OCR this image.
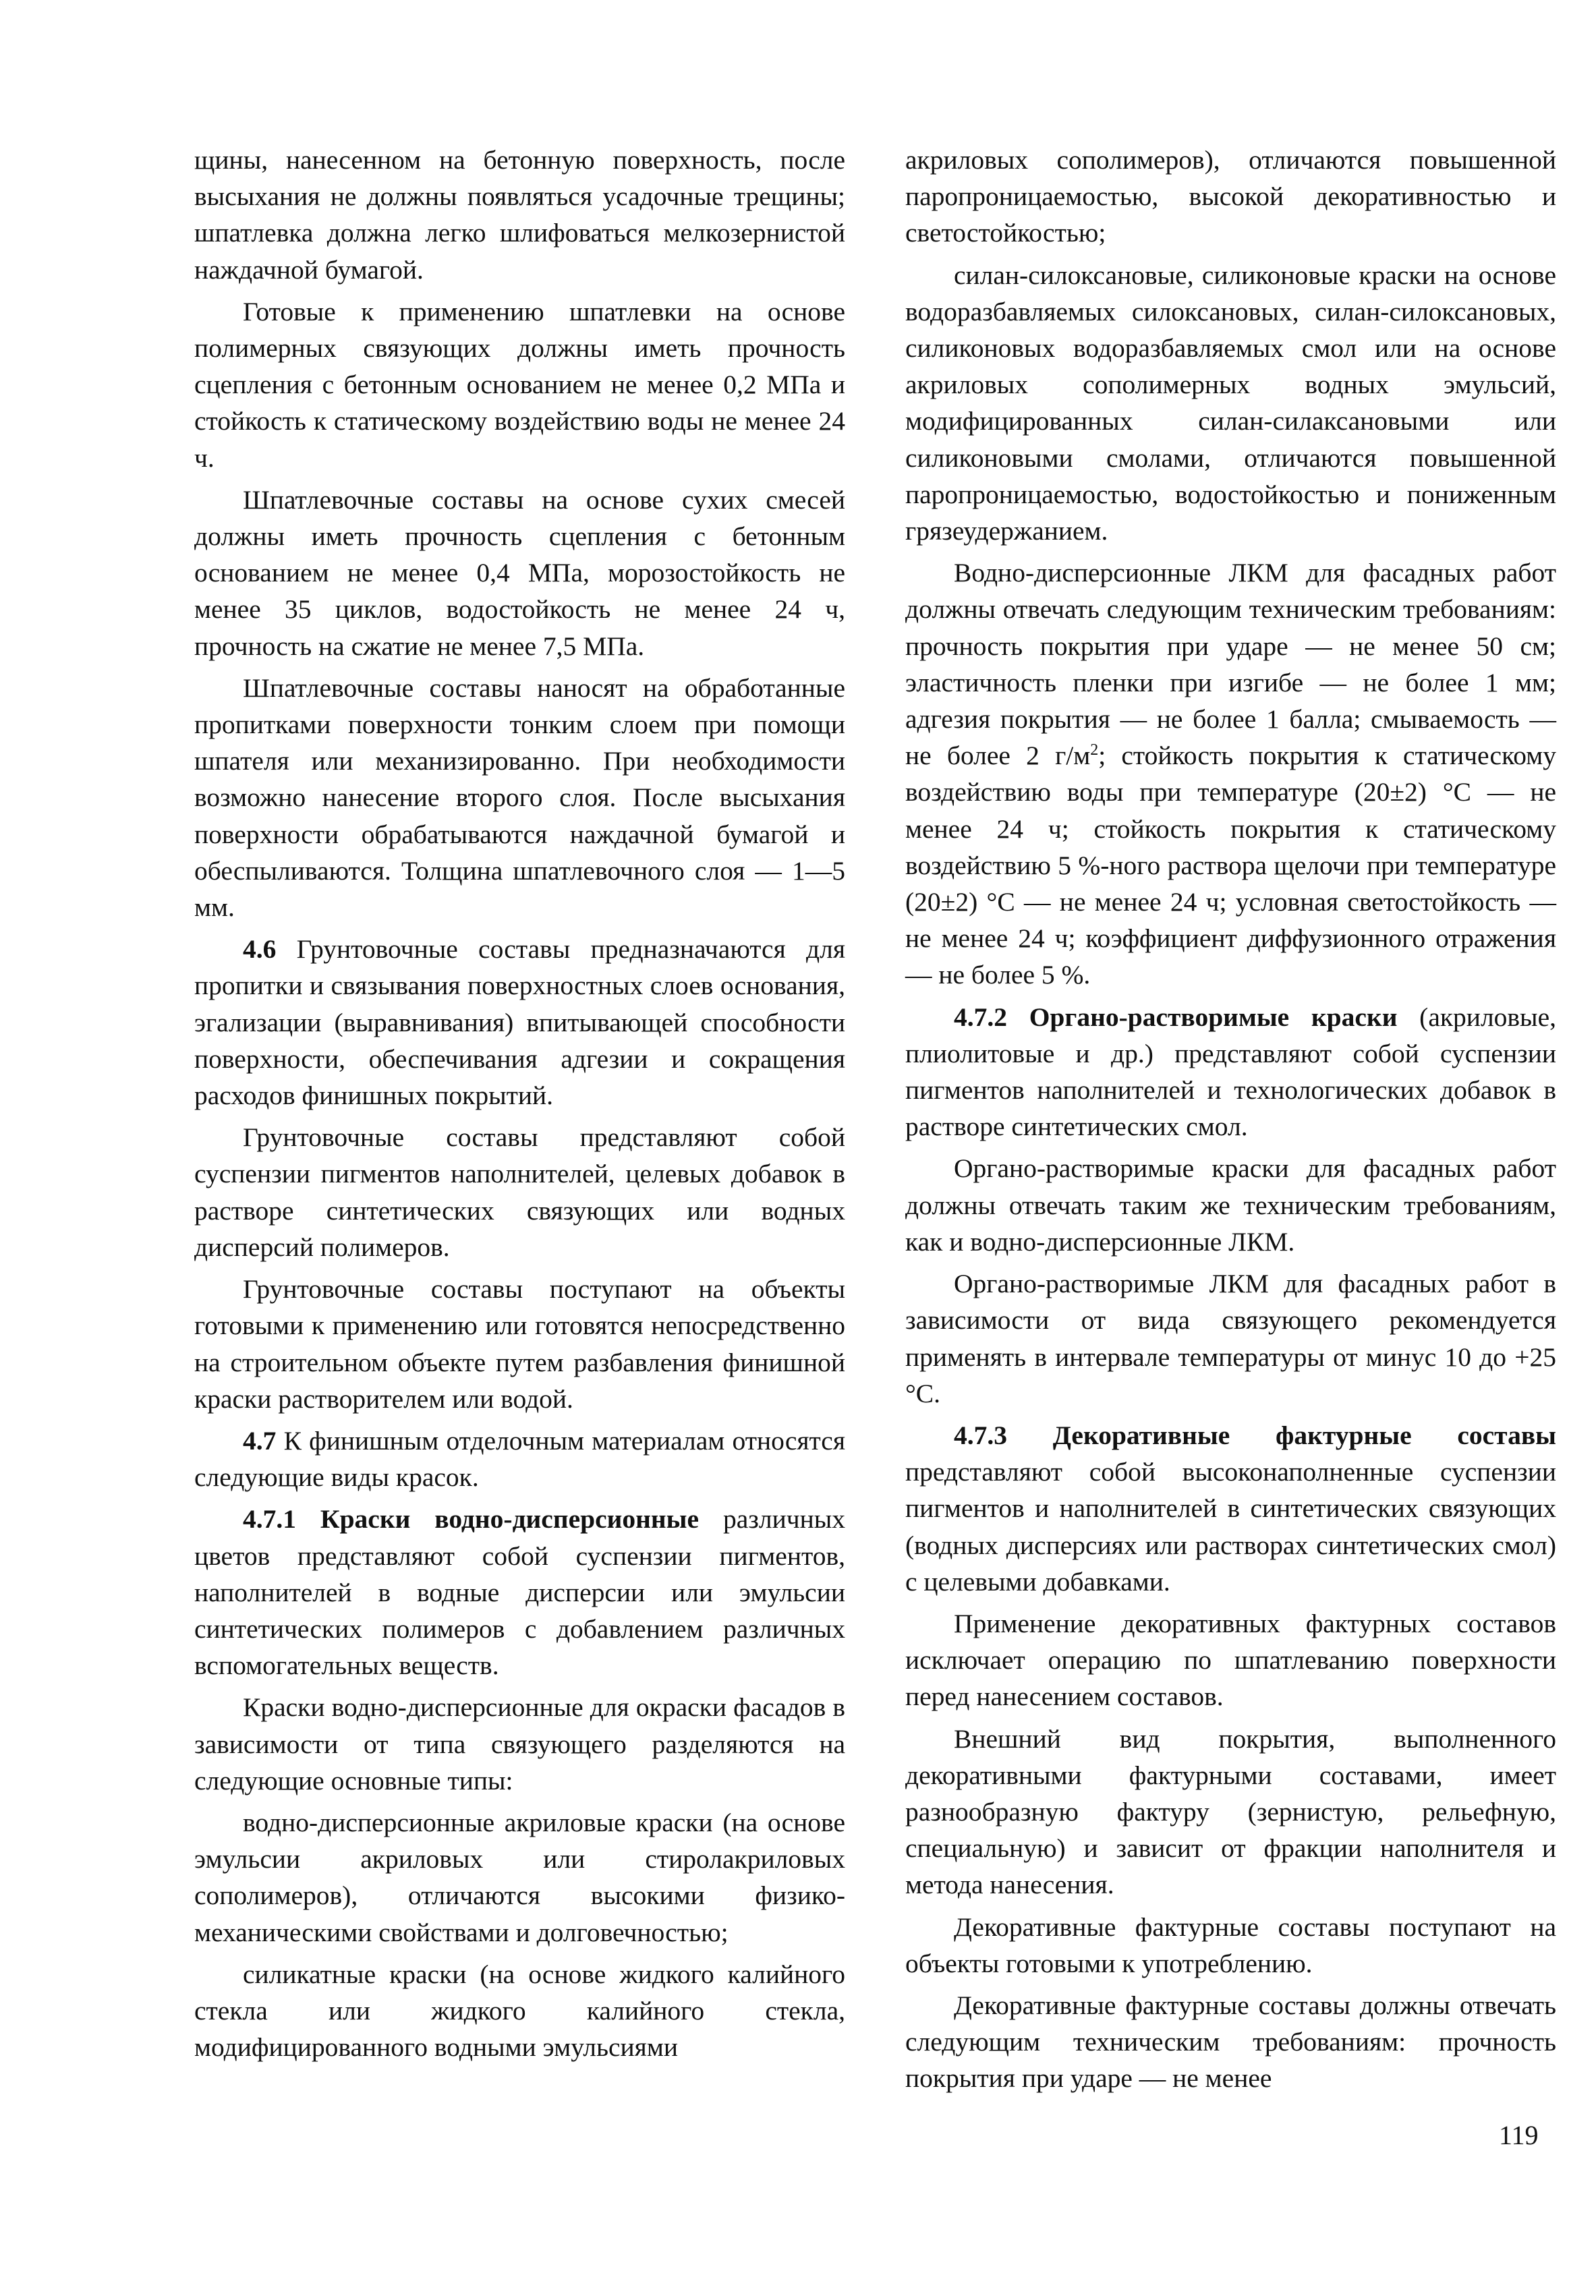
щины, нанесенном на бетонную поверхность, после высыхания не должны появляться усадочные трещины; шпатлевка должна легко шлифоваться мелкозернистой наждачной бумагой.

Готовые к применению шпатлевки на основе полимерных связующих должны иметь прочность сцепления с бетонным основанием не менее 0,2 МПа и стойкость к статическому воздействию воды не менее 24 ч.

Шпатлевочные составы на основе сухих смесей должны иметь прочность сцепления с бетонным основанием не менее 0,4 МПа, морозостойкость не менее 35 циклов, водостойкость не менее 24 ч, прочность на сжатие не менее 7,5 МПа.

Шпатлевочные составы наносят на обработанные пропитками поверхности тонким слоем при помощи шпателя или механизированно. При необходимости возможно нанесение второго слоя. После высыхания поверхности обрабатываются наждачной бумагой и обеспыливаются. Толщина шпатлевочного слоя — 1—5 мм.

4.6 Грунтовочные составы предназначаются для пропитки и связывания поверхностных слоев основания, эгализации (выравнивания) впитывающей способности поверхности, обеспечивания адгезии и сокращения расходов финишных покрытий.

Грунтовочные составы представляют собой суспензии пигментов наполнителей, целевых добавок в растворе синтетических связующих или водных дисперсий полимеров.

Грунтовочные составы поступают на объекты готовыми к применению или готовятся непосредственно на строительном объекте путем разбавления финишной краски растворителем или водой.

4.7 К финишным отделочным материалам относятся следующие виды красок.

4.7.1 Краски водно-дисперсионные различных цветов представляют собой суспензии пигментов, наполнителей в водные дисперсии или эмульсии синтетических полимеров с добавлением различных вспомогательных веществ.

Краски водно-дисперсионные для окраски фасадов в зависимости от типа связующего разделяются на следующие основные типы:

водно-дисперсионные акриловые краски (на основе эмульсии акриловых или стиролакриловых сополимеров), отличаются высокими физико-механическими свойствами и долговечностью;

силикатные краски (на основе жидкого калийного стекла или жидкого калийного стекла, модифицированного водными эмульсиями

акриловых сополимеров), отличаются повышенной паропроницаемостью, высокой декоративностью и светостойкостью;

силан-силоксановые, силиконовые краски на основе водоразбавляемых силоксановых, силан-силоксановых, силиконовых водоразбавляемых смол или на основе акриловых сополимерных водных эмульсий, модифицированных силан-силаксановыми или силиконовыми смолами, отличаются повышенной паропроницаемостью, водостойкостью и пониженным грязеудержанием.

Водно-дисперсионные ЛКМ для фасадных работ должны отвечать следующим техническим требованиям: прочность покрытия при ударе — не менее 50 см; эластичность пленки при изгибе — не более 1 мм; адгезия покрытия — не более 1 балла; смываемость — не более 2 $г/м^2$; стойкость покрытия к статическому воздействию воды при температуре (20±2) °С — не менее 24 ч; стойкость покрытия к статическому воздействию 5 %-ного раствора щелочи при температуре (20±2) °С — не менее 24 ч; условная светостойкость — не менее 24 ч; коэффициент диффузионного отражения — не более 5 %.

4.7.2 Органо-растворимые краски (акриловые, плиолитовые и др.) представляют собой суспензии пигментов наполнителей и технологических добавок в растворе синтетических смол.

Органо-растворимые краски для фасадных работ должны отвечать таким же техническим требованиям, как и водно-дисперсионные ЛКМ.

Органо-растворимые ЛКМ для фасадных работ в зависимости от вида связующего рекомендуется применять в интервале температуры от минус 10 до +25 °С.

4.7.3 Декоративные фактурные составы представляют собой высоконаполненные суспензии пигментов и наполнителей в синтетических связующих (водных дисперсиях или растворах синтетических смол) с целевыми добавками.

Применение декоративных фактурных составов исключает операцию по шпатлеванию поверхности перед нанесением составов.

Внешний вид покрытия, выполненного декоративными фактурными составами, имеет разнообразную фактуру (зернистую, рельефную, специальную) и зависит от фракции наполнителя и метода нанесения.

Декоративные фактурные составы поступают на объекты готовыми к употреблению.

Декоративные фактурные составы должны отвечать следующим техническим требованиям: прочность покрытия при ударе — не менее

119
